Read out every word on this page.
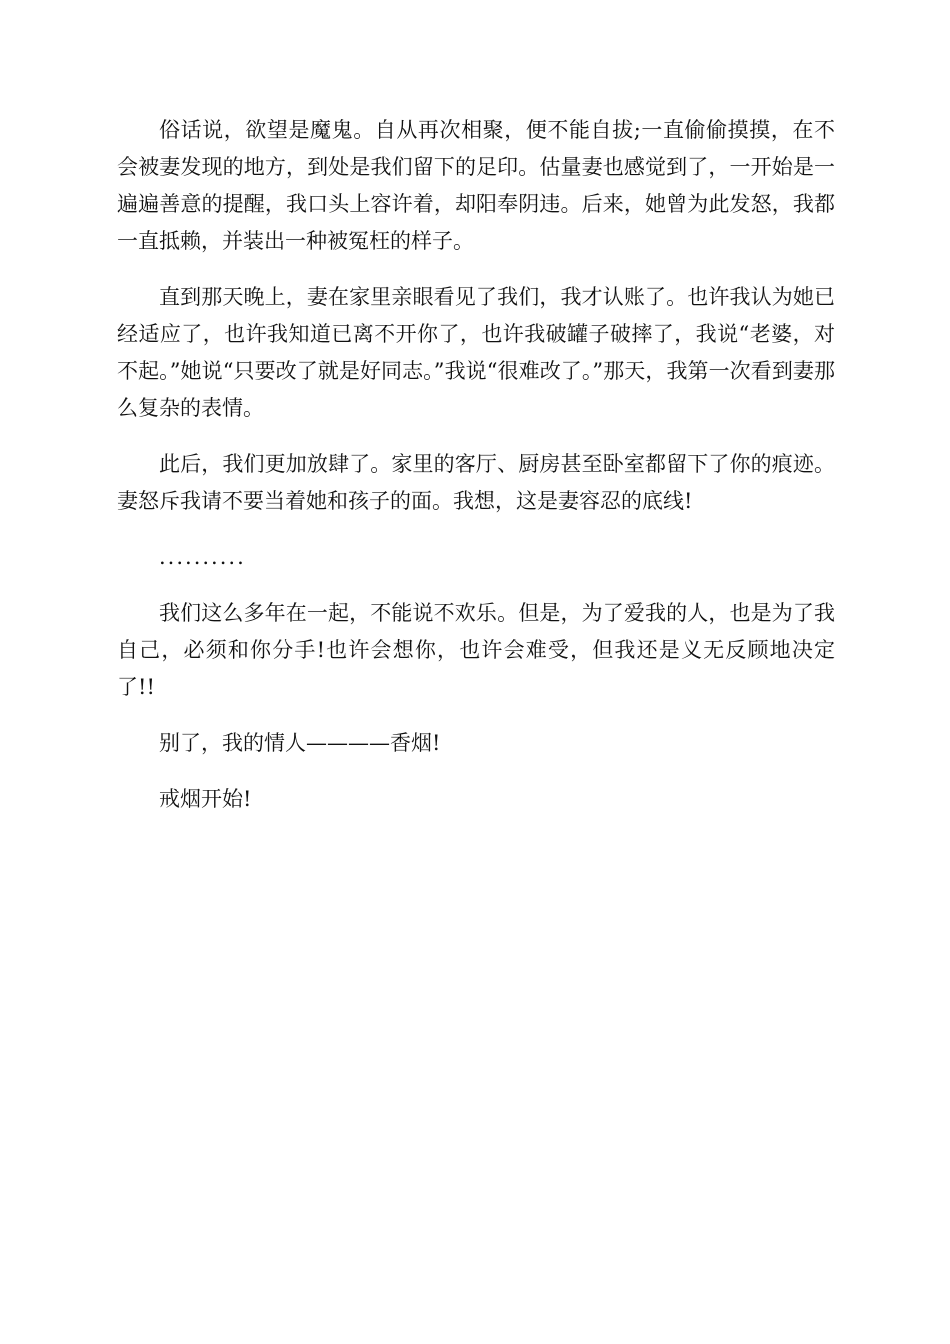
俗话说，欲望是魔鬼。自从再次相聚，便不能自拔;一直偷偷摸摸，在不会被妻发现的地方，到处是我们留下的足印。估量妻也感觉到了，一开始是一遍遍善意的提醒，我口头上容许着，却阳奉阴违。后来，她曾为此发怒，我都一直抵赖，并装出一种被冤枉的样子。

直到那天晚上，妻在家里亲眼看见了我们，我才认账了。也许我认为她已经适应了，也许我知道已离不开你了，也许我破罐子破摔了，我说“老婆，对不起。”她说“只要改了就是好同志。”我说“很难改了。”那天，我第一次看到妻那么复杂的表情。

此后，我们更加放肆了。家里的客厅、厨房甚至卧室都留下了你的痕迹。妻怒斥我请不要当着她和孩子的面。我想，这是妻容忍的底线!

..........

我们这么多年在一起，不能说不欢乐。但是，为了爱我的人，也是为了我自己，必须和你分手!也许会想你，也许会难受，但我还是义无反顾地决定了!!

别了，我的情人————香烟!

戒烟开始!
